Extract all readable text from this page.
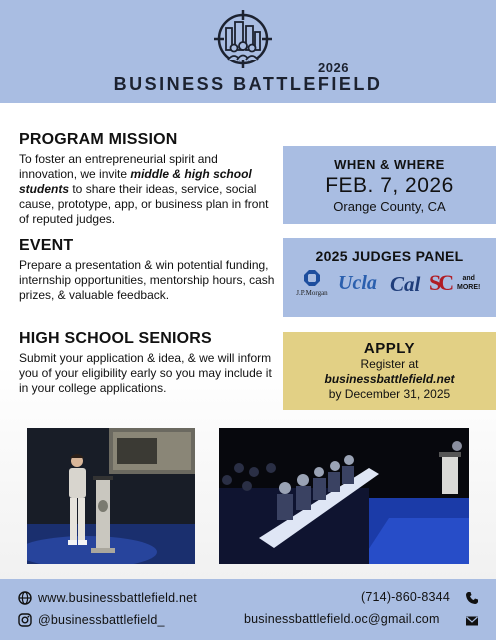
2026
BUSINESS BATTLEFIELD
PROGRAM MISSION
To foster an entrepreneurial spirit and innovation, we invite middle & high school students to share their ideas, service, social cause, prototype, app, or business plan in front of reputed judges.
EVENT
Prepare a presentation & win potential funding, internship opportunities, mentorship hours, cash prizes, & valuable feedback.
HIGH SCHOOL SENIORS
Submit your application & idea, & we will inform you of your eligibility early so you may include it in your college applications.
WHEN & WHERE
FEB. 7, 2026
Orange County, CA
2025 JUDGES PANEL
J.P.Morgan Ucla Cal SC	and
MORE!
APPLY
Register at
businessbattlefield.net
by December 31, 2025
www.businessbattlefield.net
@businessbattlefield_
(714)-860-8344
businessbattlefield.oc@gmail.com
